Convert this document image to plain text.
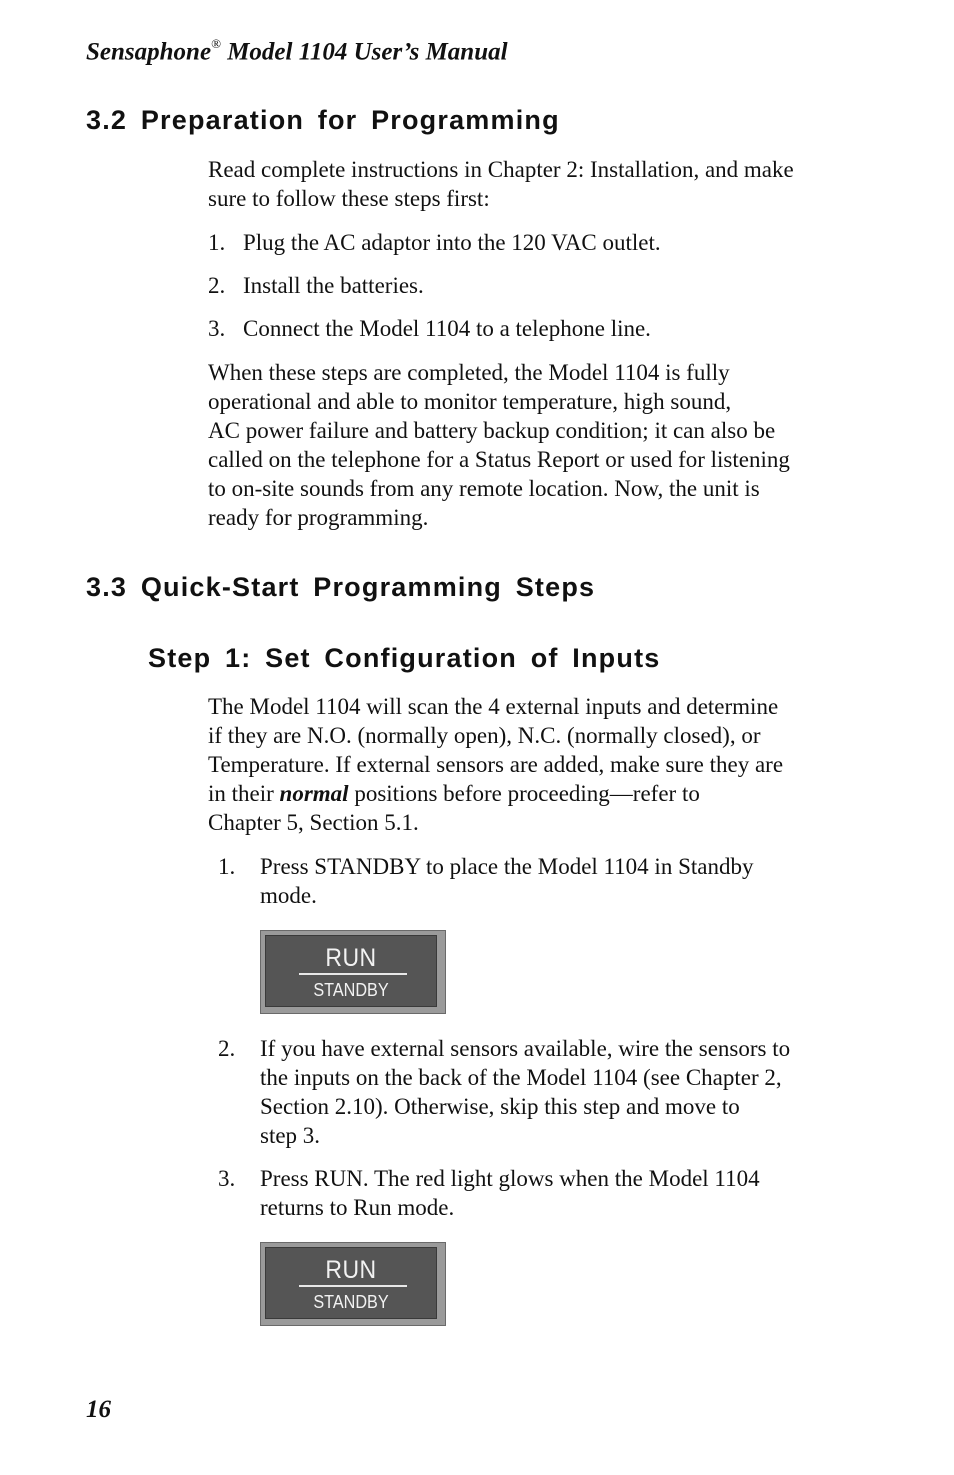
Sensaphone® Model 1104 User’s Manual
3.2 Preparation for Programming

Read complete instructions in Chapter 2: Installation, and make sure to follow these steps first:

1. Plug the AC adaptor into the 120 VAC outlet.
2. Install the batteries.
3. Connect the Model 1104 to a telephone line.
When these steps are completed, the Model 1104 is fully
operational and able to monitor temperature, high sound,
AC power failure and battery backup condition; it can also be
called on the telephone for a Status Report or used for listening
to on-site sounds from any remote location. Now, the unit is
ready for programming.
3.3 Quick-Start Programming Steps
Step 1: Set Configuration of Inputs
The Model 1104 will scan the 4 external inputs and determine
if they are N.O. (normally open), N.C. (normally closed), or
Temperature. If external sensors are added, make sure they are
in their normal positions before proceeding—refer to
Chapter 5, Section 5.1.
1. Press STANDBY to place the Model 1104 in Standby
mode.
RUN
STANDBY
2. If you have external sensors available, wire the sensors to
the inputs on the back of the Model 1104 (see Chapter 2,
Section 2.10). Otherwise, skip this step and move to
step 3.
3. Press RUN. The red light glows when the Model 1104
returns to Run mode.
RUN
STANDBY
16
